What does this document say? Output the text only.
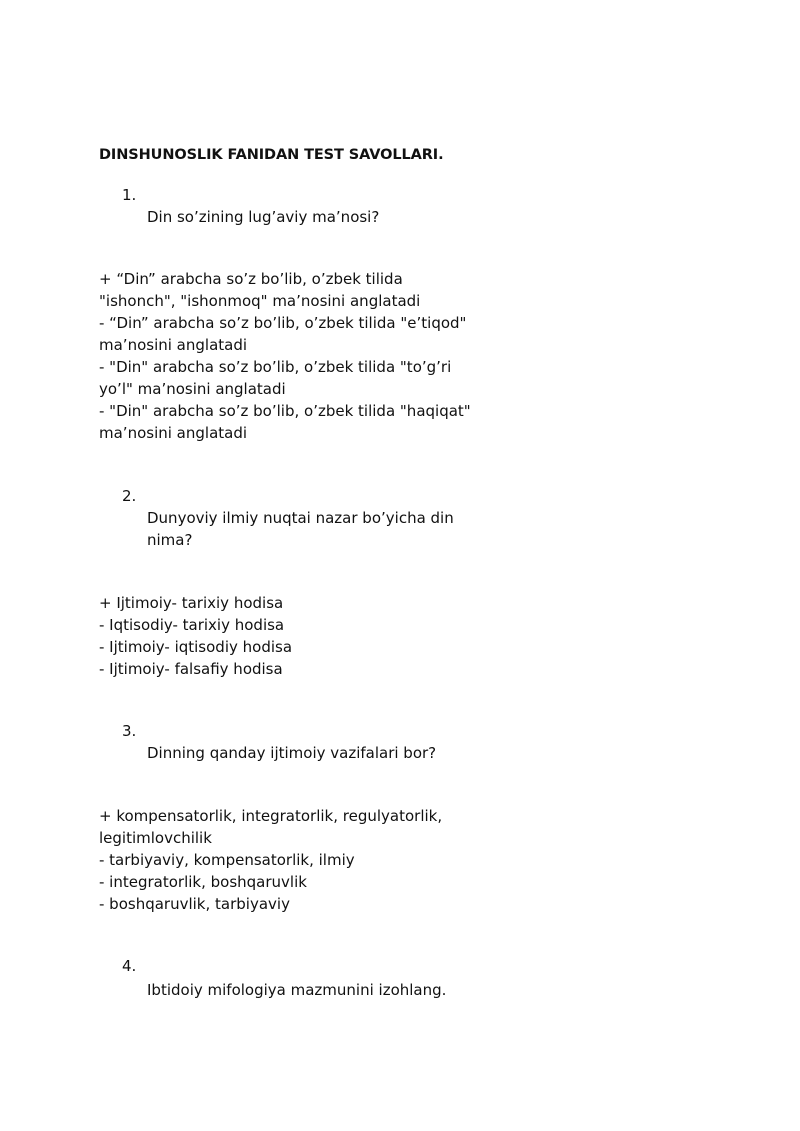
DINSHUNOSLIK FANIDAN TEST SAVOLLARI.
1.
Din so’zining lug’aviy ma’nosi?
+ “Din” arabcha so’z bo’lib, o’zbek tilida "ishonch", "ishonmoq" ma’nosini anglatadi
- “Din” arabcha so’z bo’lib, o’zbek tilida "e’tiqod" ma’nosini anglatadi
- "Din" arabcha so’z bo’lib, o’zbek tilida "to’g’ri yo’l" ma’nosini anglatadi
- "Din" arabcha so’z bo’lib, o’zbek tilida "haqiqat" ma’nosini anglatadi
2.
Dunyoviy ilmiy nuqtai nazar bo’yicha din nima?
+ Ijtimoiy- tarixiy hodisa
- Iqtisodiy- tarixiy hodisa
- Ijtimoiy- iqtisodiy hodisa
- Ijtimoiy- falsafiy hodisa
3.
Dinning qanday ijtimoiy vazifalari bor?
+ kompensatorlik, integratorlik, regulyatorlik, legitimlovchilik
- tarbiyaviy, kompensatorlik, ilmiy
- integratorlik, boshqaruvlik
- boshqaruvlik, tarbiyaviy
4.
Ibtidoiy mifologiya mazmunini izohlang.
